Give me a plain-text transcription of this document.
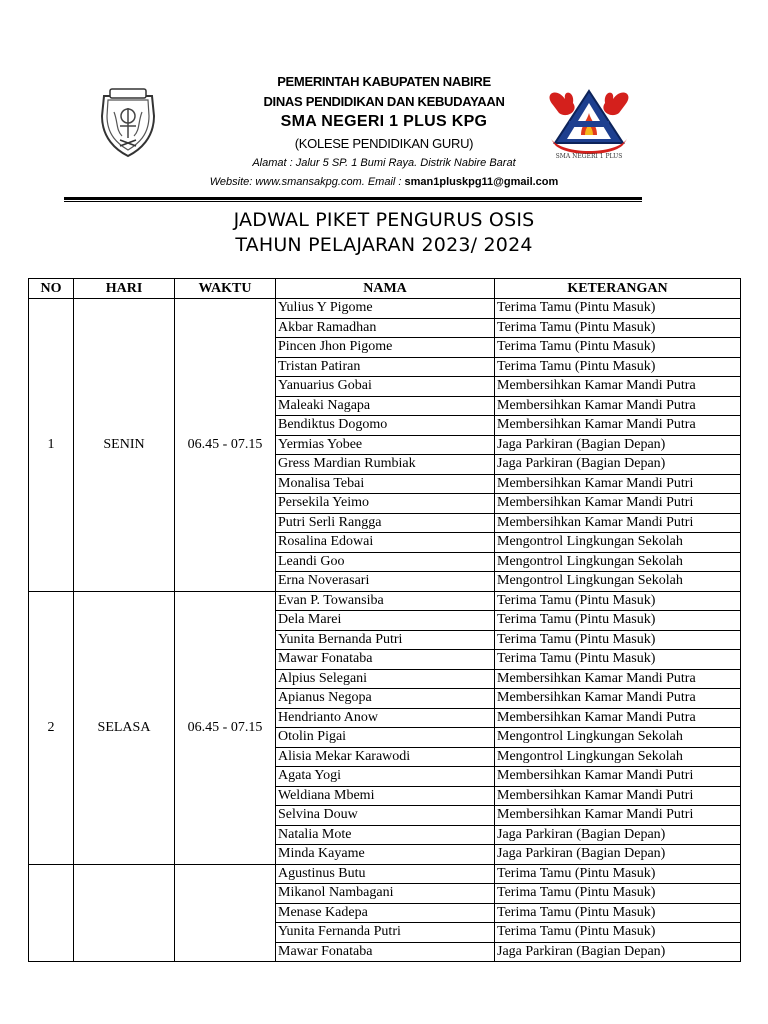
PEMERINTAH KABUPATEN NABIRE
DINAS PENDIDIKAN DAN KEBUDAYAAN
SMA NEGERI 1 PLUS KPG
(KOLESE PENDIDIKAN GURU)
Alamat : Jalur 5 SP. 1 Bumi Raya. Distrik Nabire Barat
Website: www.smansakpg.com. Email : sman1pluskpg11@gmail.com
SMA NEGERI 1 PLUS
JADWAL PIKET PENGURUS OSIS
TAHUN PELAJARAN 2023/ 2024
NO	HARI	WAKTU	NAMA	KETERANGAN
1	SENIN	06.45 - 07.15	Yulius Y Pigome	Terima Tamu (Pintu Masuk)
			Akbar Ramadhan	Terima Tamu (Pintu Masuk)
			Pincen Jhon Pigome	Terima Tamu (Pintu Masuk)
			Tristan Patiran	Terima Tamu (Pintu Masuk)
			Yanuarius Gobai	Membersihkan Kamar Mandi Putra
			Maleaki Nagapa	Membersihkan Kamar Mandi Putra
			Bendiktus Dogomo	Membersihkan Kamar Mandi Putra
			Yermias Yobee	Jaga Parkiran (Bagian Depan)
			Gress Mardian Rumbiak	Jaga Parkiran (Bagian Depan)
			Monalisa Tebai	Membersihkan Kamar Mandi Putri
			Persekila Yeimo	Membersihkan Kamar Mandi Putri
			Putri Serli Rangga	Membersihkan Kamar Mandi Putri
			Rosalina Edowai	Mengontrol Lingkungan Sekolah
			Leandi Goo	Mengontrol Lingkungan Sekolah
			Erna Noverasari	Mengontrol Lingkungan Sekolah
2	SELASA	06.45 - 07.15	Evan P. Towansiba	Terima Tamu (Pintu Masuk)
			Dela Marei	Terima Tamu (Pintu Masuk)
			Yunita Bernanda Putri	Terima Tamu (Pintu Masuk)
			Mawar Fonataba	Terima Tamu (Pintu Masuk)
			Alpius Selegani	Membersihkan Kamar Mandi Putra
			Apianus Negopa	Membersihkan Kamar Mandi Putra
			Hendrianto Anow	Membersihkan Kamar Mandi Putra
			Otolin Pigai	Mengontrol Lingkungan Sekolah
			Alisia Mekar Karawodi	Mengontrol Lingkungan Sekolah
			Agata Yogi	Membersihkan Kamar Mandi Putri
			Weldiana Mbemi	Membersihkan Kamar Mandi Putri
			Selvina Douw	Membersihkan Kamar Mandi Putri
			Natalia Mote	Jaga Parkiran (Bagian Depan)
			Minda Kayame	Jaga Parkiran (Bagian Depan)
			Agustinus Butu	Terima Tamu (Pintu Masuk)
			Mikanol Nambagani	Terima Tamu (Pintu Masuk)
			Menase Kadepa	Terima Tamu (Pintu Masuk)
			Yunita Fernanda Putri	Terima Tamu (Pintu Masuk)
			Mawar Fonataba	Jaga Parkiran (Bagian Depan)
